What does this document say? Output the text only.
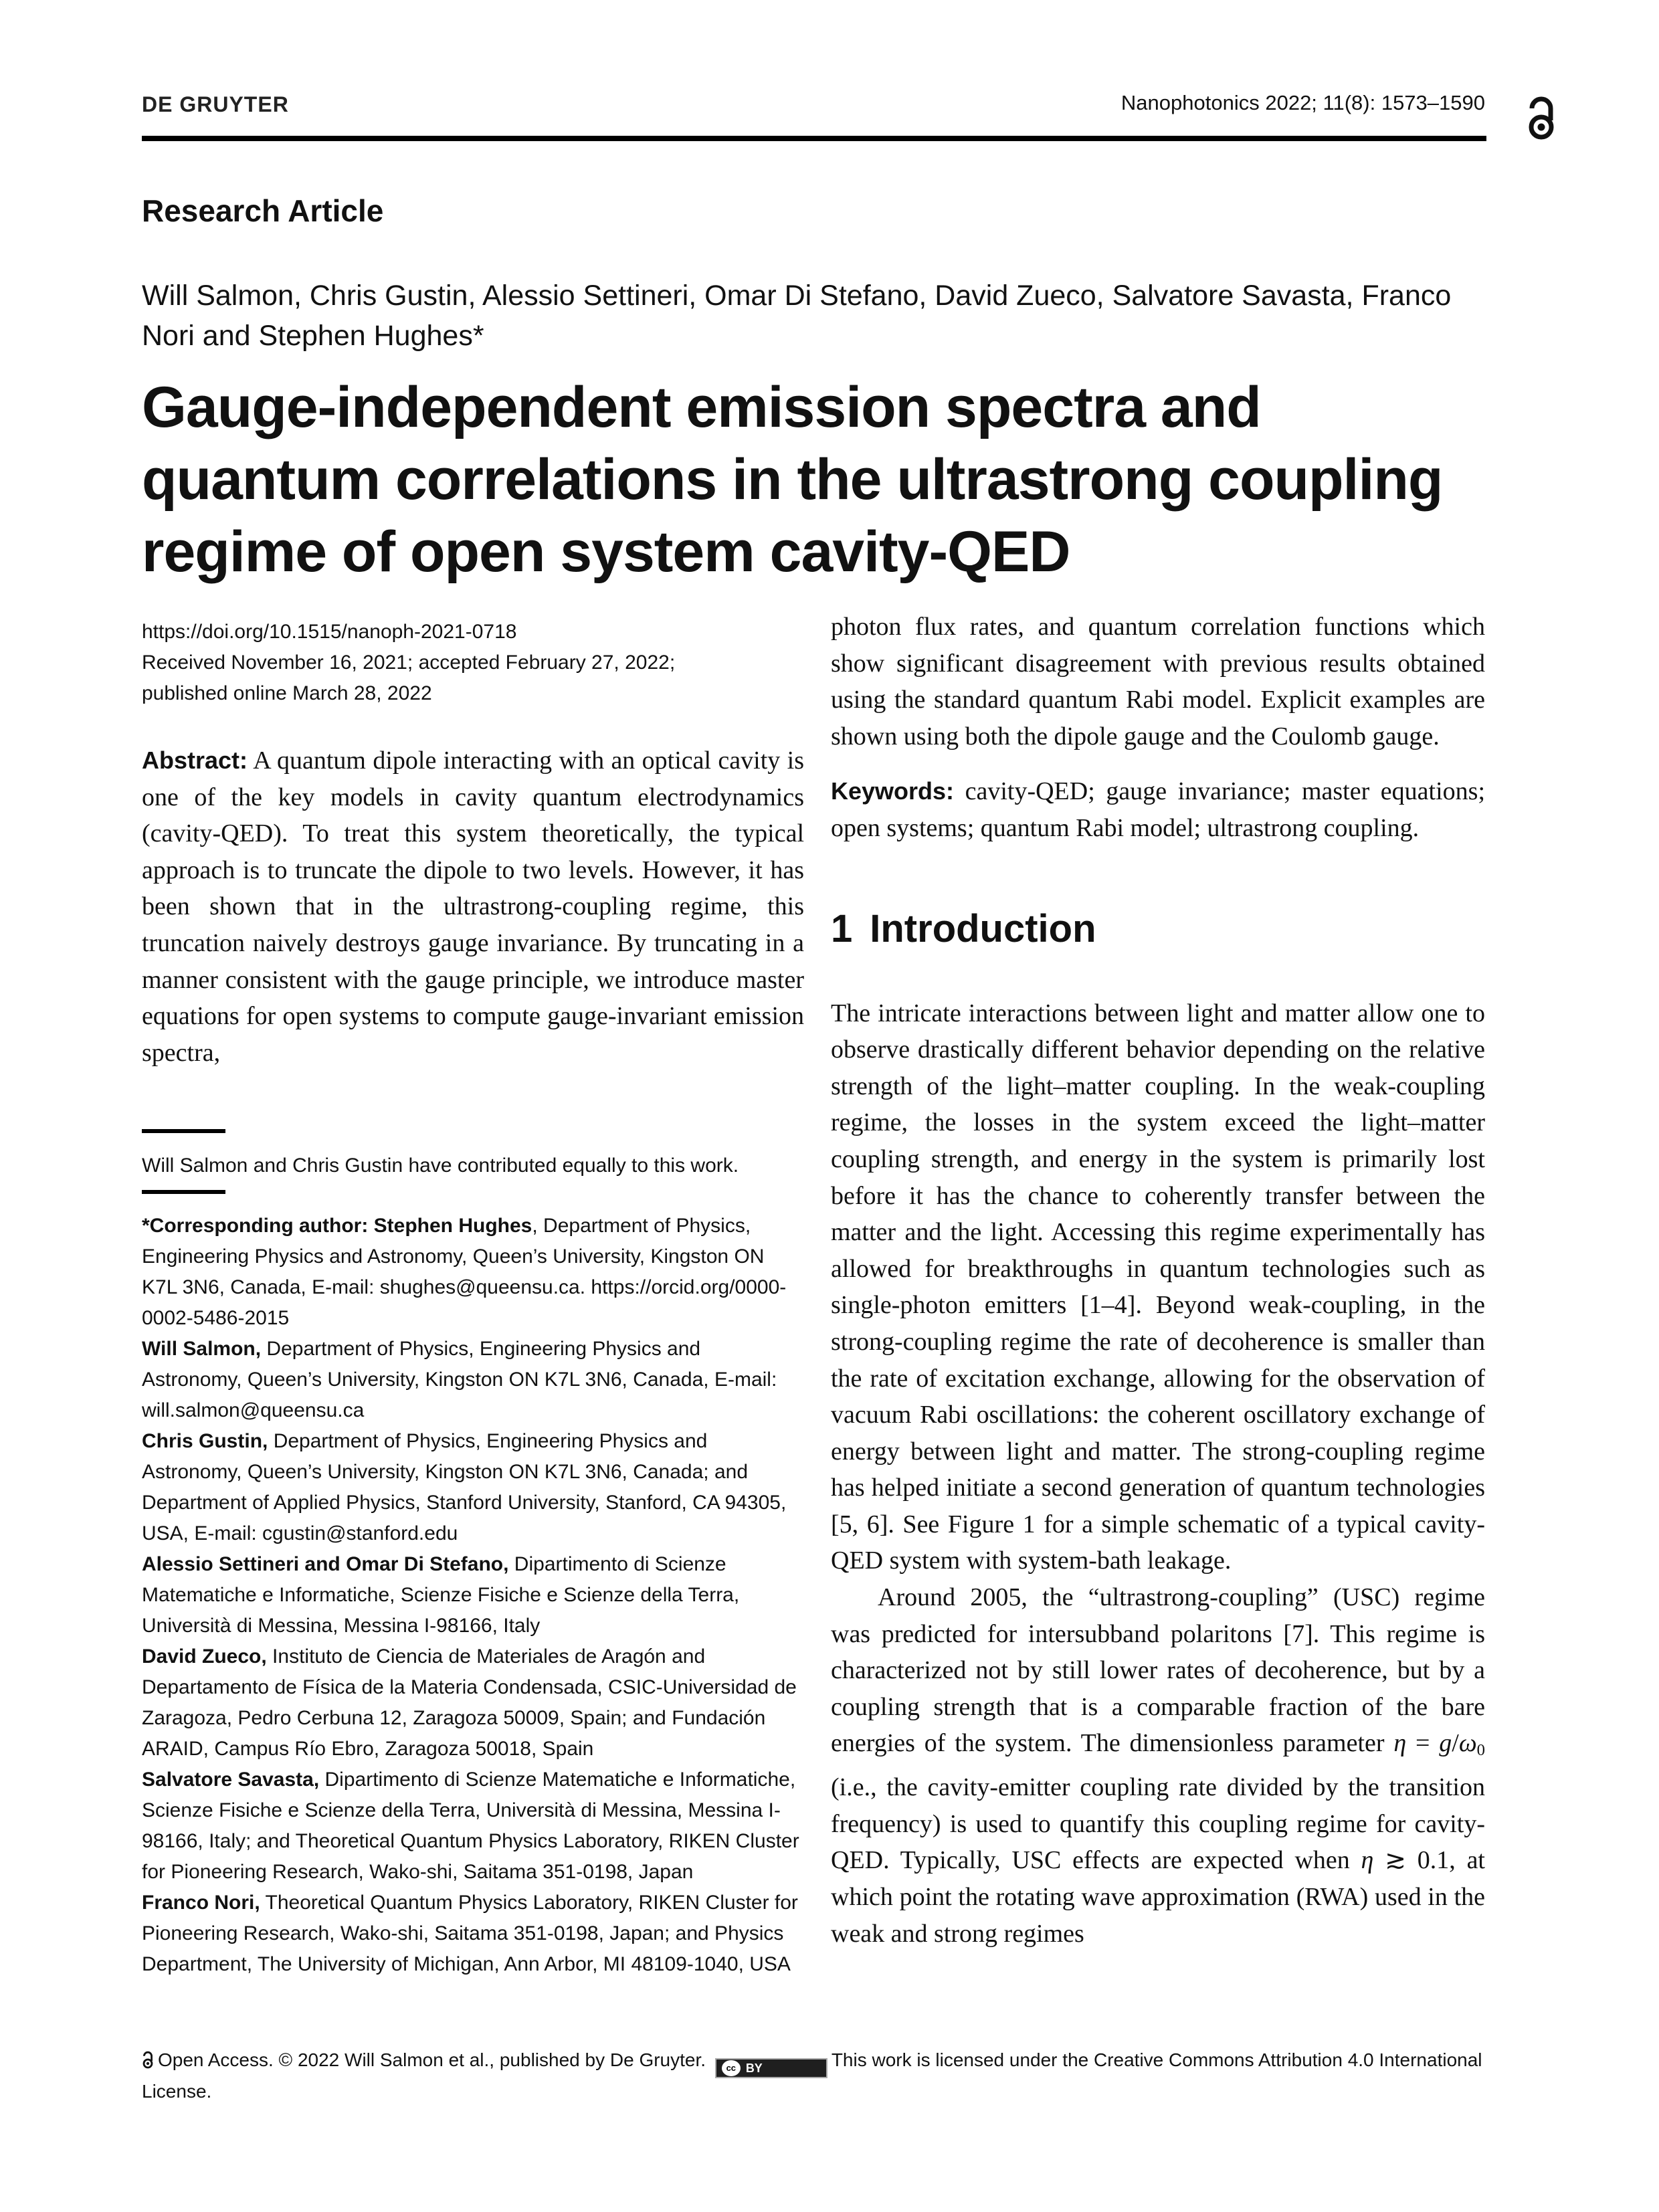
DE GRUYTER	Nanophotonics 2022; 11(8): 1573–1590
Research Article
Will Salmon, Chris Gustin, Alessio Settineri, Omar Di Stefano, David Zueco, Salvatore Savasta, Franco Nori and Stephen Hughes*
Gauge-independent emission spectra and quantum correlations in the ultrastrong coupling regime of open system cavity-QED
https://doi.org/10.1515/nanoph-2021-0718
Received November 16, 2021; accepted February 27, 2022;
published online March 28, 2022

Abstract: A quantum dipole interacting with an optical cavity is one of the key models in cavity quantum electrodynamics (cavity-QED). To treat this system theoretically, the typical approach is to truncate the dipole to two levels. However, it has been shown that in the ultrastrong-coupling regime, this truncation naively destroys gauge invariance. By truncating in a manner consistent with the gauge principle, we introduce master equations for open systems to compute gauge-invariant emission spectra,

Will Salmon and Chris Gustin have contributed equally to this work.

*Corresponding author: Stephen Hughes, Department of Physics, Engineering Physics and Astronomy, Queen’s University, Kingston ON K7L 3N6, Canada, E-mail: shughes@queensu.ca. https://orcid.org/0000-0002-5486-2015

Will Salmon, Department of Physics, Engineering Physics and Astronomy, Queen’s University, Kingston ON K7L 3N6, Canada, E-mail: will.salmon@queensu.ca

Chris Gustin, Department of Physics, Engineering Physics and Astronomy, Queen’s University, Kingston ON K7L 3N6, Canada; and Department of Applied Physics, Stanford University, Stanford, CA 94305, USA, E-mail: cgustin@stanford.edu

Alessio Settineri and Omar Di Stefano, Dipartimento di Scienze Matematiche e Informatiche, Scienze Fisiche e Scienze della Terra, Università di Messina, Messina I-98166, Italy

David Zueco, Instituto de Ciencia de Materiales de Aragón and Departamento de Física de la Materia Condensada, CSIC-Universidad de Zaragoza, Pedro Cerbuna 12, Zaragoza 50009, Spain; and Fundación ARAID, Campus Río Ebro, Zaragoza 50018, Spain

Salvatore Savasta, Dipartimento di Scienze Matematiche e Informatiche, Scienze Fisiche e Scienze della Terra, Università di Messina, Messina I-98166, Italy; and Theoretical Quantum Physics Laboratory, RIKEN Cluster for Pioneering Research, Wako-shi, Saitama 351-0198, Japan

Franco Nori, Theoretical Quantum Physics Laboratory, RIKEN Cluster for Pioneering Research, Wako-shi, Saitama 351-0198, Japan; and Physics Department, The University of Michigan, Ann Arbor, MI 48109-1040, USA

photon flux rates, and quantum correlation functions which show significant disagreement with previous results obtained using the standard quantum Rabi model. Explicit examples are shown using both the dipole gauge and the Coulomb gauge.

Keywords: cavity-QED; gauge invariance; master equations; open systems; quantum Rabi model; ultrastrong coupling.

1 Introduction

The intricate interactions between light and matter allow one to observe drastically different behavior depending on the relative strength of the light–matter coupling. In the weak-coupling regime, the losses in the system exceed the light–matter coupling strength, and energy in the system is primarily lost before it has the chance to coherently transfer between the matter and the light. Accessing this regime experimentally has allowed for breakthroughs in quantum technologies such as single-photon emitters [1–4]. Beyond weak-coupling, in the strong-coupling regime the rate of decoherence is smaller than the rate of excitation exchange, allowing for the observation of vacuum Rabi oscillations: the coherent oscillatory exchange of energy between light and matter. The strong-coupling regime has helped initiate a second generation of quantum technologies [5, 6]. See Figure 1 for a simple schematic of a typical cavity-QED system with system-bath leakage.

Around 2005, the “ultrastrong-coupling” (USC) regime was predicted for intersubband polaritons [7]. This regime is characterized not by still lower rates of decoherence, but by a coupling strength that is a comparable fraction of the bare energies of the system. The dimensionless parameter $\eta = g/\omega_0$ (i.e., the cavity-emitter coupling rate divided by the transition frequency) is used to quantify this coupling regime for cavity-QED. Typically, USC effects are expected when η ≳ 0.1, at which point the rotating wave approximation (RWA) used in the weak and strong regimes

Open Access. © 2022 Will Salmon et al., published by De Gruyter.	cc BY	This work is licensed under the Creative Commons Attribution 4.0 International License.
